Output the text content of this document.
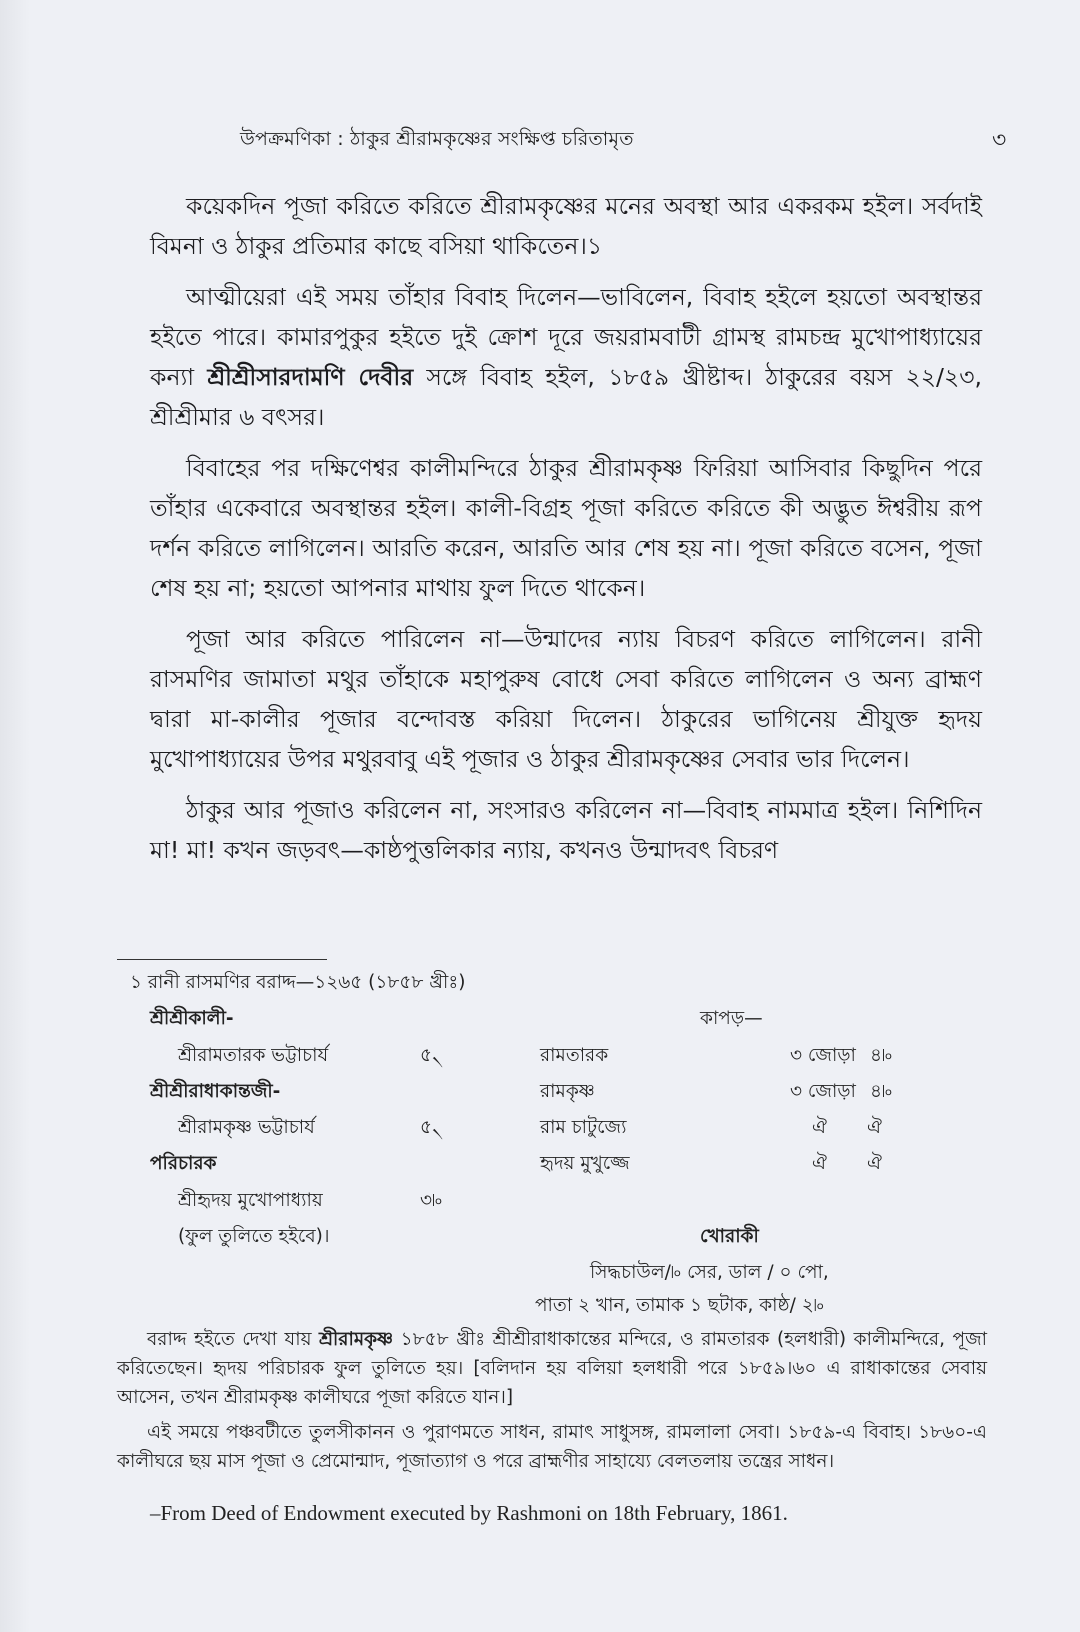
উপক্রমণিকা : ঠাকুর শ্রীরামকৃষ্ণের সংক্ষিপ্ত চরিতামৃত	৩

কয়েকদিন পূজা করিতে করিতে শ্রীরামকৃষ্ণের মনের অবস্থা আর একরকম হইল। সর্বদাই বিমনা ও ঠাকুর প্রতিমার কাছে বসিয়া থাকিতেন।১

আত্মীয়েরা এই সময় তাঁহার বিবাহ দিলেন—ভাবিলেন, বিবাহ হইলে হয়তো অবস্থান্তর হইতে পারে। কামারপুকুর হইতে দুই ক্রোশ দূরে জয়রামবাটী গ্রামস্থ রামচন্দ্র মুখোপাধ্যায়ের কন্যা শ্রীশ্রীসারদামণি দেবীর সঙ্গে বিবাহ হইল, ১৮৫৯ খ্রীষ্টাব্দ। ঠাকুরের বয়স ২২/২৩, শ্রীশ্রীমার ৬ বৎসর।

বিবাহের পর দক্ষিণেশ্বর কালীমন্দিরে ঠাকুর শ্রীরামকৃষ্ণ ফিরিয়া আসিবার কিছুদিন পরে তাঁহার একেবারে অবস্থান্তর হইল। কালী-বিগ্রহ পূজা করিতে করিতে কী অদ্ভুত ঈশ্বরীয় রূপ দর্শন করিতে লাগিলেন। আরতি করেন, আরতি আর শেষ হয় না। পূজা করিতে বসেন, পূজা শেষ হয় না; হয়তো আপনার মাথায় ফুল দিতে থাকেন।

পূজা আর করিতে পারিলেন না—উন্মাদের ন্যায় বিচরণ করিতে লাগিলেন। রানী রাসমণির জামাতা মথুর তাঁহাকে মহাপুরুষ বোধে সেবা করিতে লাগিলেন ও অন্য ব্রাহ্মণ দ্বারা মা-কালীর পূজার বন্দোবস্ত করিয়া দিলেন। ঠাকুরের ভাগিনেয় শ্রীযুক্ত হৃদয় মুখোপাধ্যায়ের উপর মথুরবাবু এই পূজার ও ঠাকুর শ্রীরামকৃষ্ণের সেবার ভার দিলেন।

ঠাকুর আর পূজাও করিলেন না, সংসারও করিলেন না—বিবাহ নামমাত্র হইল। নিশিদিন মা! মা! কখন জড়বৎ—কাষ্ঠপুত্তলিকার ন্যায়, কখনও উন্মাদবৎ বিচরণ

১ রানী রাসমণির বরাদ্দ—১২৬৫ (১৮৫৮ খ্রীঃ)
শ্রীশ্রীকালী-
শ্রীরামতারক ভট্টাচার্য	৫৲
শ্রীশ্রীরাধাকান্তজী-
শ্রীরামকৃষ্ণ ভট্টাচার্য	৫৲
পরিচারক
শ্রীহৃদয় মুখোপাধ্যায়	৩৷৹
(ফুল তুলিতে হইবে)।
কাপড়—
রামতারক	৩ জোড়া ৪৷৹
রামকৃষ্ণ	৩ জোড়া ৪৷৹
রাম চাটুজ্যে	ঐ ঐ
হৃদয় মুখুজ্জে	ঐ ঐ
খোরাকী
সিদ্ধচাউল/৷৹ সের, ডাল / ০ পো,
পাতা ২ খান, তামাক ১ ছটাক, কাষ্ঠ/ ২৷৹
বরাদ্দ হইতে দেখা যায় শ্রীরামকৃষ্ণ ১৮৫৮ খ্রীঃ শ্রীশ্রীরাধাকান্তের মন্দিরে, ও রামতারক (হলধারী) কালীমন্দিরে, পূজা করিতেছেন। হৃদয় পরিচারক ফুল তুলিতে হয়। [বলিদান হয় বলিয়া হলধারী পরে ১৮৫৯।৬০ এ রাধাকান্তের সেবায় আসেন, তখন শ্রীরামকৃষ্ণ কালীঘরে পূজা করিতে যান।]
এই সময়ে পঞ্চবটীতে তুলসীকানন ও পুরাণমতে সাধন, রামাৎ সাধুসঙ্গ, রামলালা সেবা। ১৮৫৯-এ বিবাহ। ১৮৬০-এ কালীঘরে ছয় মাস পূজা ও প্রেমোন্মাদ, পূজাত্যাগ ও পরে ব্রাহ্মণীর সাহায্যে বেলতলায় তন্ত্রের সাধন।
–From Deed of Endowment executed by Rashmoni on 18th February, 1861.
